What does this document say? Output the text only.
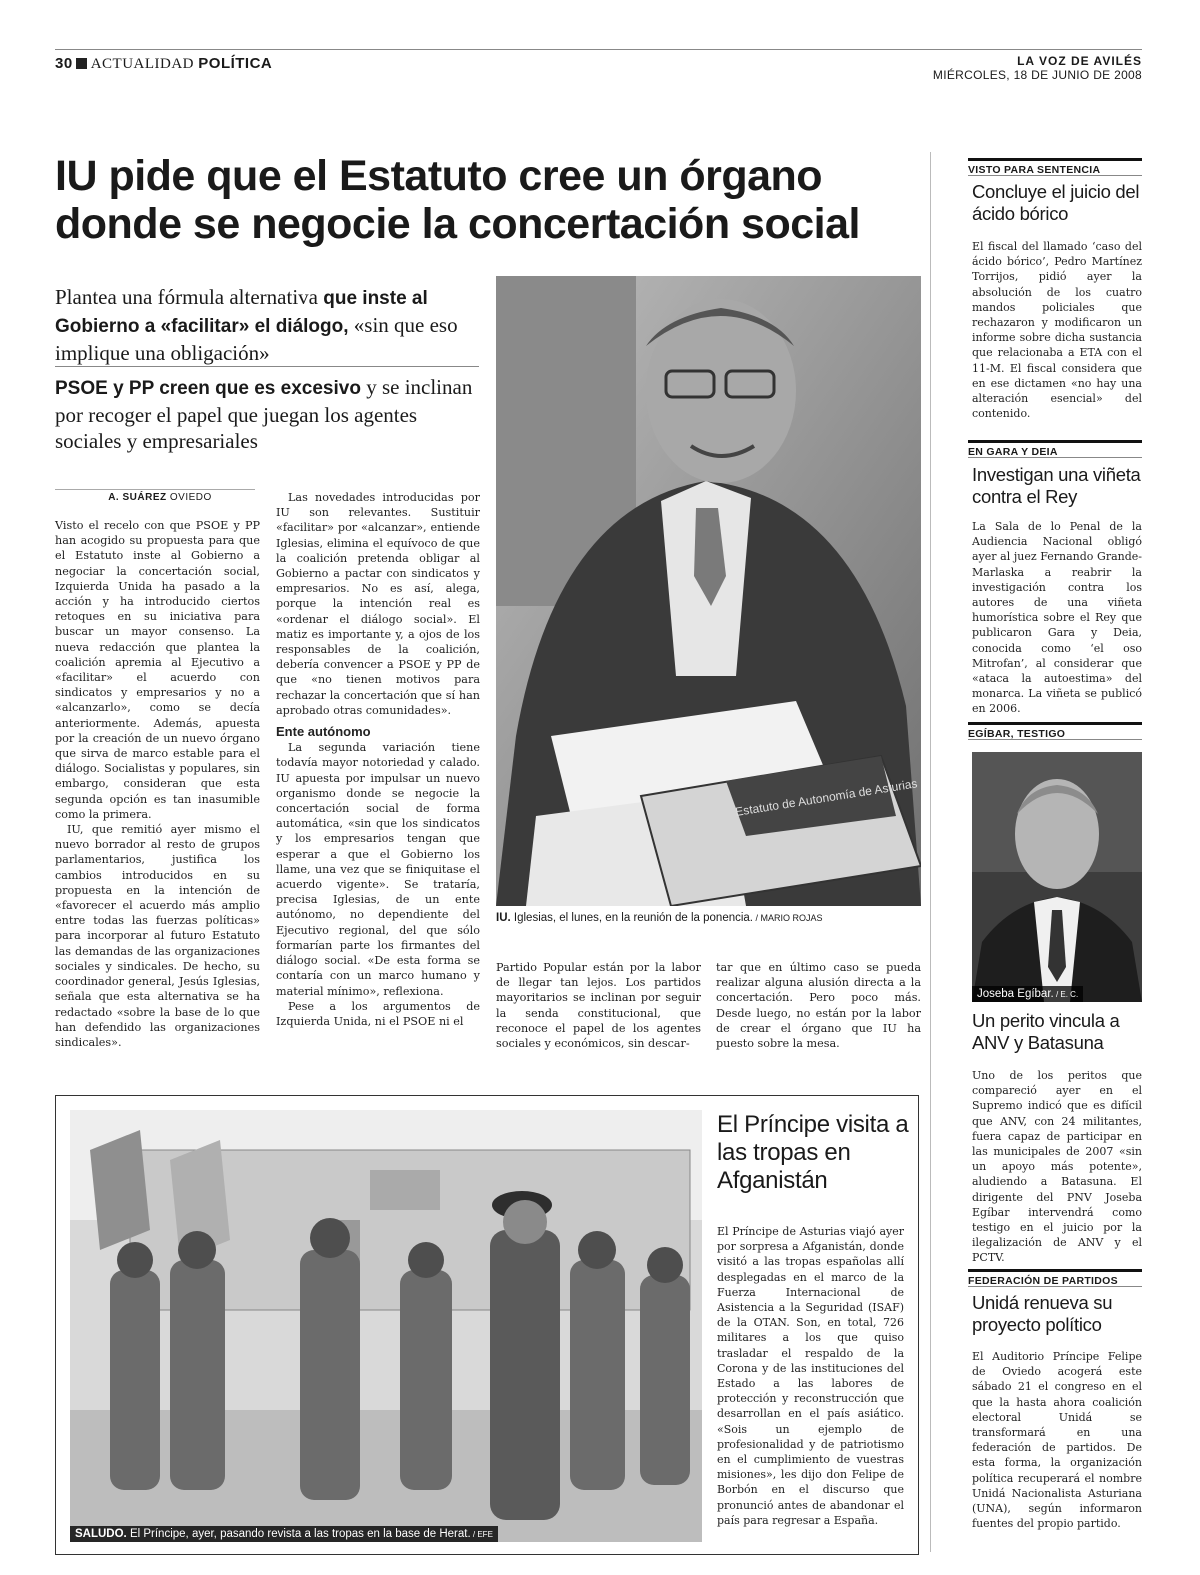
30 ACTUALIDAD POLÍTICA	LA VOZ DE AVILÉS
MIÉRCOLES, 18 DE JUNIO DE 2008
IU pide que el Estatuto cree un órgano donde se negocie la concertación social
Plantea una fórmula alternativa que inste al Gobierno a «facilitar» el diálogo, «sin que eso implique una obligación»
PSOE y PP creen que es excesivo y se inclinan por recoger el papel que juegan los agentes sociales y empresariales
A. SUÁREZ OVIEDO

Visto el recelo con que PSOE y PP han acogido su propuesta para que el Estatuto inste al Gobierno a negociar la concertación social, Izquierda Unida ha pasado a la acción y ha introducido ciertos retoques en su iniciativa para buscar un mayor consenso. La nueva redacción que plantea la coalición apremia al Ejecutivo a «facilitar» el acuerdo con sindicatos y empresarios y no a «alcanzarlo», como se decía anteriormente. Además, apuesta por la creación de un nuevo órgano que sirva de marco estable para el diálogo. Socialistas y populares, sin embargo, consideran que esta segunda opción es tan inasumible como la primera.

IU, que remitió ayer mismo el nuevo borrador al resto de grupos parlamentarios, justifica los cambios introducidos en su propuesta en la intención de «favorecer el acuerdo más amplio entre todas las fuerzas políticas» para incorporar al futuro Estatuto las demandas de las organizaciones sociales y sindicales. De hecho, su coordinador general, Jesús Iglesias, señala que esta alternativa se ha redactado «sobre la base de lo que han defendido las organizaciones sindicales».

Las novedades introducidas por IU son relevantes. Sustituir «facilitar» por «alcanzar», entiende Iglesias, elimina el equívoco de que la coalición pretenda obligar al Gobierno a pactar con sindicatos y empresarios. No es así, alega, porque la intención real es «ordenar el diálogo social». El matiz es importante y, a ojos de los responsables de la coalición, debería convencer a PSOE y PP de que «no tienen motivos para rechazar la concertación que sí han aprobado otras comunidades».

Ente autónomo

La segunda variación tiene todavía mayor notoriedad y calado. IU apuesta por impulsar un nuevo organismo donde se negocie la concertación social de forma automática, «sin que los sindicatos y los empresarios tengan que esperar a que el Gobierno los llame, una vez que se finiquitase el acuerdo vigente». Se trataría, precisa Iglesias, de un ente autónomo, no dependiente del Ejecutivo regional, del que sólo formarían parte los firmantes del diálogo social. «De esta forma se contaría con un marco humano y material mínimo», reflexiona.

Pese a los argumentos de Izquierda Unida, ni el PSOE ni el

Partido Popular están por la labor de llegar tan lejos. Los partidos mayoritarios se inclinan por seguir la senda constitucional, que reconoce el papel de los agentes sociales y económicos, sin descar-

tar que en último caso se pueda realizar alguna alusión directa a la concertación. Pero poco más. Desde luego, no están por la labor de crear el órgano que IU ha puesto sobre la mesa.

Estatuto de Autonomía de Asturias
IU. Iglesias, el lunes, en la reunión de la ponencia. / MARIO ROJAS
VISTO PARA SENTENCIA
Concluye el juicio del ácido bórico
El fiscal del llamado ‘caso del ácido bórico’, Pedro Martínez Torrijos, pidió ayer la absolución de los cuatro mandos policiales que rechazaron y modificaron un informe sobre dicha sustancia que relacionaba a ETA con el 11-M. El fiscal considera que en ese dictamen «no hay una alteración esencial» del contenido.
EN GARA Y DEIA
Investigan una viñeta contra el Rey
La Sala de lo Penal de la Audiencia Nacional obligó ayer al juez Fernando Grande-Marlaska a reabrir la investigación contra los autores de una viñeta humorística sobre el Rey que publicaron Gara y Deia, conocida como ‘el oso Mitrofan’, al considerar que «ataca la autoestima» del monarca. La viñeta se publicó en 2006.
EGÍBAR, TESTIGO
Joseba Egíbar. / E. C.
Un perito vincula a ANV y Batasuna
Uno de los peritos que compareció ayer en el Supremo indicó que es difícil que ANV, con 24 militantes, fuera capaz de participar en las municipales de 2007 «sin un apoyo más potente», aludiendo a Batasuna. El dirigente del PNV Joseba Egíbar intervendrá como testigo en el juicio por la ilegalización de ANV y el PCTV.
FEDERACIÓN DE PARTIDOS
Unidá renueva su proyecto político
El Auditorio Príncipe Felipe de Oviedo acogerá este sábado 21 el congreso en el que la hasta ahora coalición electoral Unidá se transformará en una federación de partidos. De esta forma, la organización política recuperará el nombre Unidá Nacionalista Asturiana (UNA), según informaron fuentes del propio partido.
SALUDO. El Príncipe, ayer, pasando revista a las tropas en la base de Herat. / EFE
El Príncipe visita a las tropas en Afganistán
El Príncipe de Asturias viajó ayer por sorpresa a Afganistán, donde visitó a las tropas españolas allí desplegadas en el marco de la Fuerza Internacional de Asistencia a la Seguridad (ISAF) de la OTAN. Son, en total, 726 militares a los que quiso trasladar el respaldo de la Corona y de las instituciones del Estado a las labores de protección y reconstrucción que desarrollan en el país asiático. «Sois un ejemplo de profesionalidad y de patriotismo en el cumplimiento de vuestras misiones», les dijo don Felipe de Borbón en el discurso que pronunció antes de abandonar el país para regresar a España.
